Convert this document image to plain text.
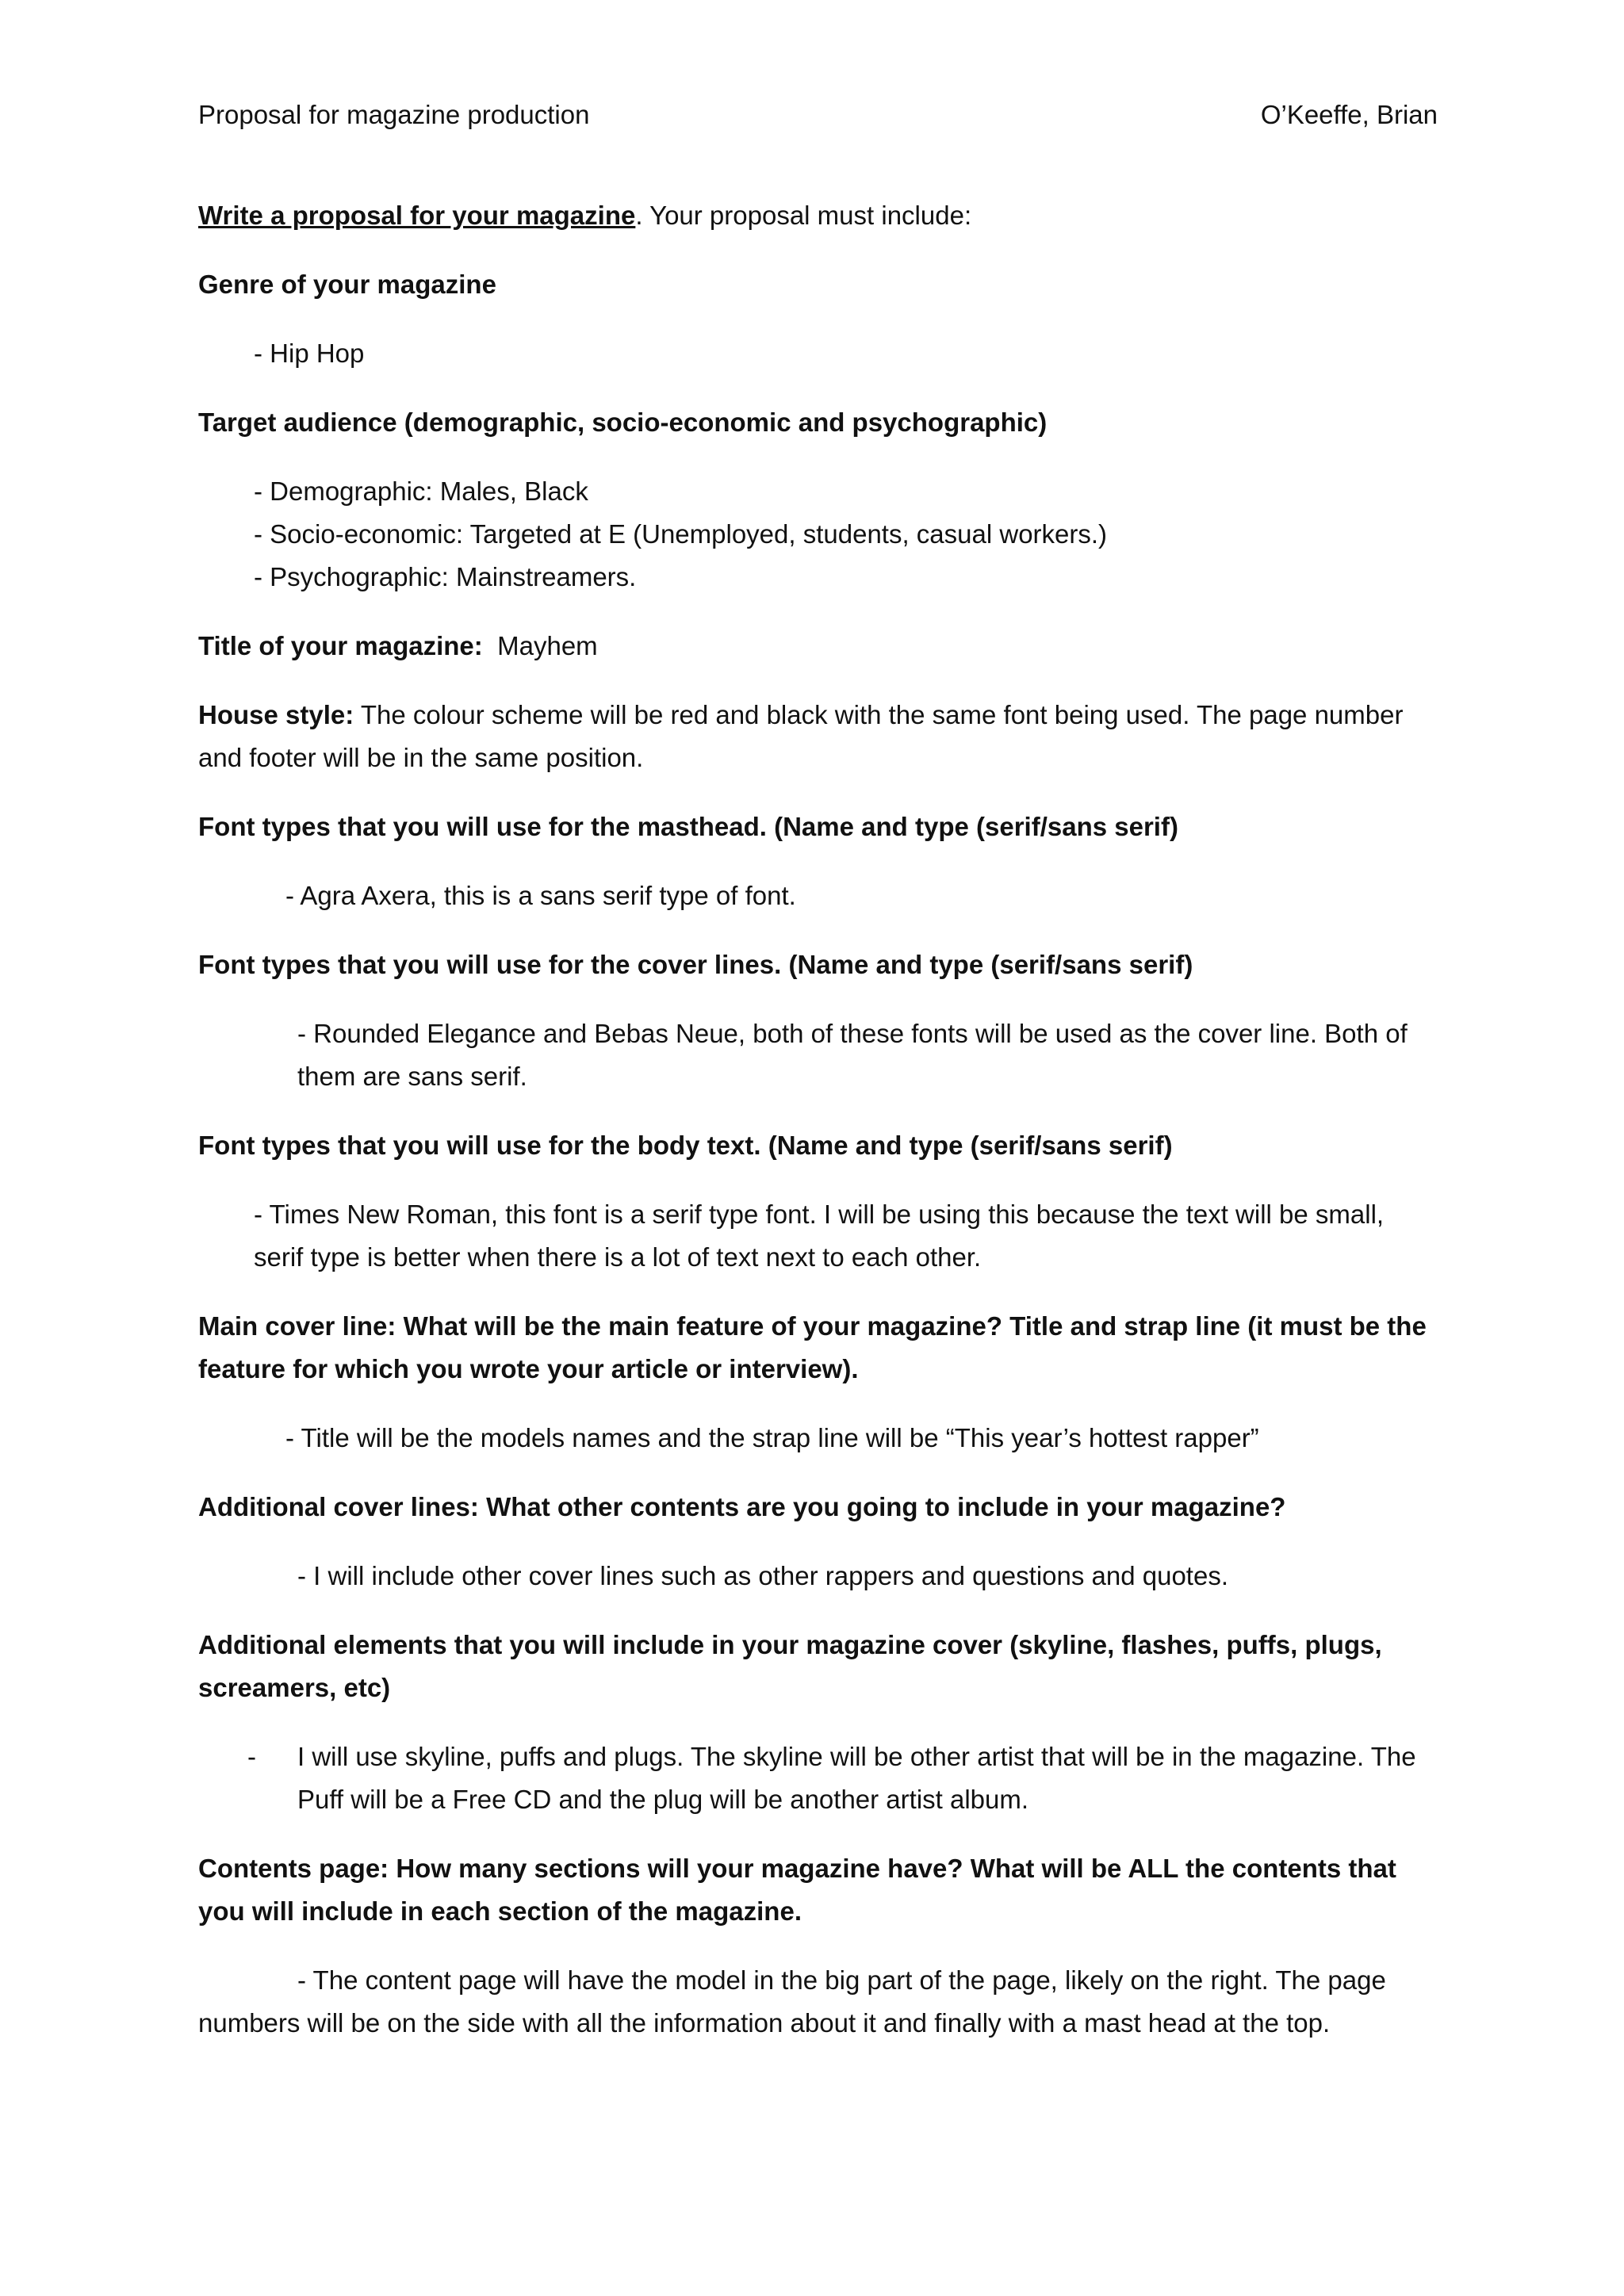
Proposal for magazine production	O’Keeffe, Brian

Write a proposal for your magazine. Your proposal must include:

Genre of your magazine

- Hip Hop

Target audience (demographic, socio-economic and psychographic)

- Demographic: Males, Black

- Socio-economic: Targeted at E (Unemployed, students, casual workers.)

- Psychographic: Mainstreamers.

Title of your magazine: Mayhem

House style: The colour scheme will be red and black with the same font being used. The page number and footer will be in the same position.

Font types that you will use for the masthead. (Name and type (serif/sans serif)

- Agra Axera, this is a sans serif type of font.

Font types that you will use for the cover lines. (Name and type (serif/sans serif)

- Rounded Elegance and Bebas Neue, both of these fonts will be used as the cover line. Both of them are sans serif.

Font types that you will use for the body text. (Name and type (serif/sans serif)

- Times New Roman, this font is a serif type font. I will be using this because the text will be small, serif type is better when there is a lot of text next to each other.

Main cover line: What will be the main feature of your magazine? Title and strap line (it must be the feature for which you wrote your article or interview).

- Title will be the models names and the strap line will be “This year’s hottest rapper”

Additional cover lines: What other contents are you going to include in your magazine?

- I will include other cover lines such as other rappers and questions and quotes.

Additional elements that you will include in your magazine cover (skyline, flashes, puffs, plugs, screamers, etc)

-	I will use skyline, puffs and plugs. The skyline will be other artist that will be in the magazine. The Puff will be a Free CD and the plug will be another artist album.

Contents page: How many sections will your magazine have? What will be ALL the contents that you will include in each section of the magazine.

- The content page will have the model in the big part of the page, likely on the right. The page numbers will be on the side with all the information about it and finally with a mast head at the top.
